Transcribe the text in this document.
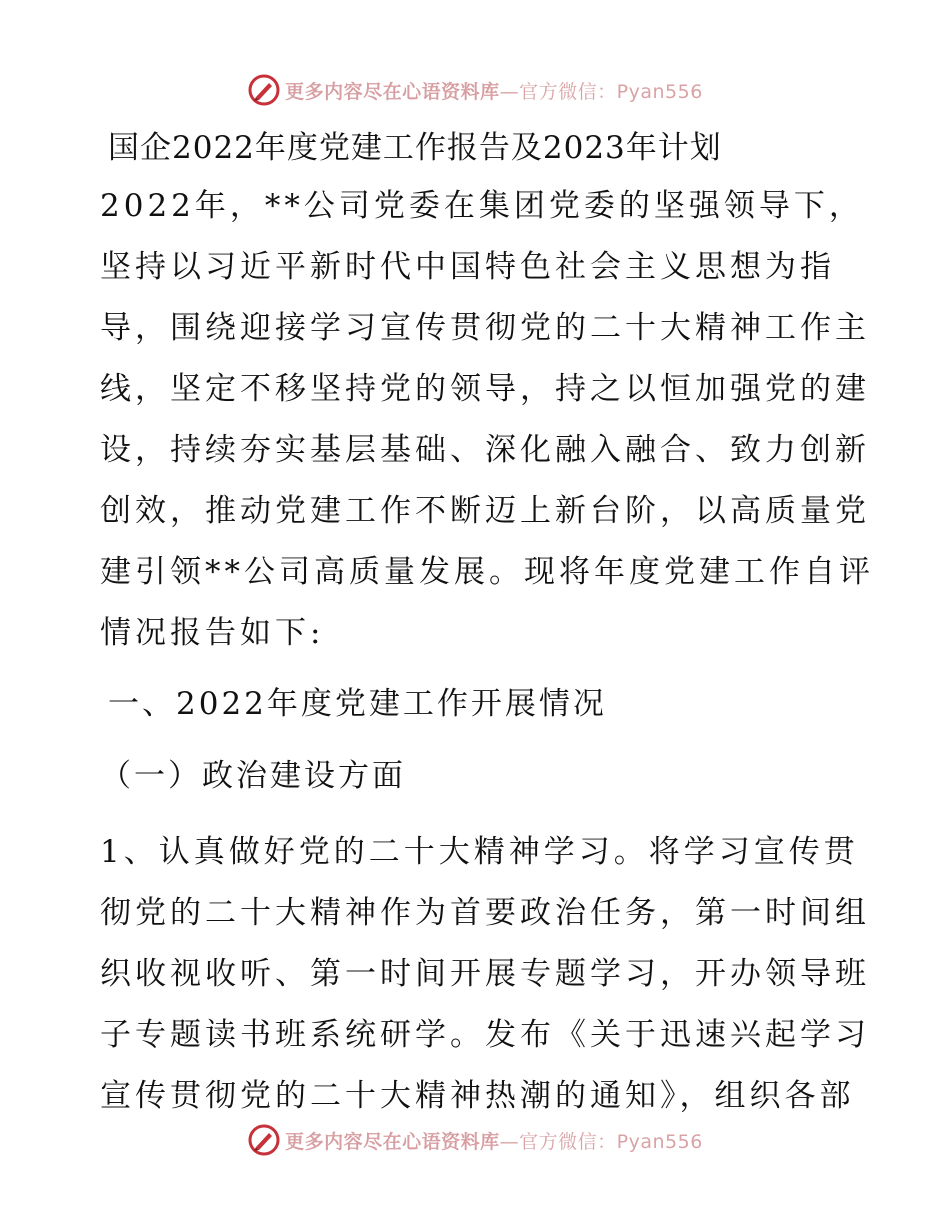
更多内容尽在心语资料库—官方微信：Pyan556
国企2022年度党建工作报告及2023年计划
2022年，**公司党委在集团党委的坚强领导下，
坚持以习近平新时代中国特色社会主义思想为指
导，围绕迎接学习宣传贯彻党的二十大精神工作主
线，坚定不移坚持党的领导，持之以恒加强党的建
设，持续夯实基层基础、深化融入融合、致力创新
创效，推动党建工作不断迈上新台阶，以高质量党
建引领**公司高质量发展。现将年度党建工作自评
情况报告如下:
一、2022年度党建工作开展情况
（一）政治建设方面
1、认真做好党的二十大精神学习。将学习宣传贯
彻党的二十大精神作为首要政治任务，第一时间组
织收视收听、第一时间开展专题学习，开办领导班
子专题读书班系统研学。发布《关于迅速兴起学习
宣传贯彻党的二十大精神热潮的通知》，组织各部
更多内容尽在心语资料库—官方微信：Pyan556
